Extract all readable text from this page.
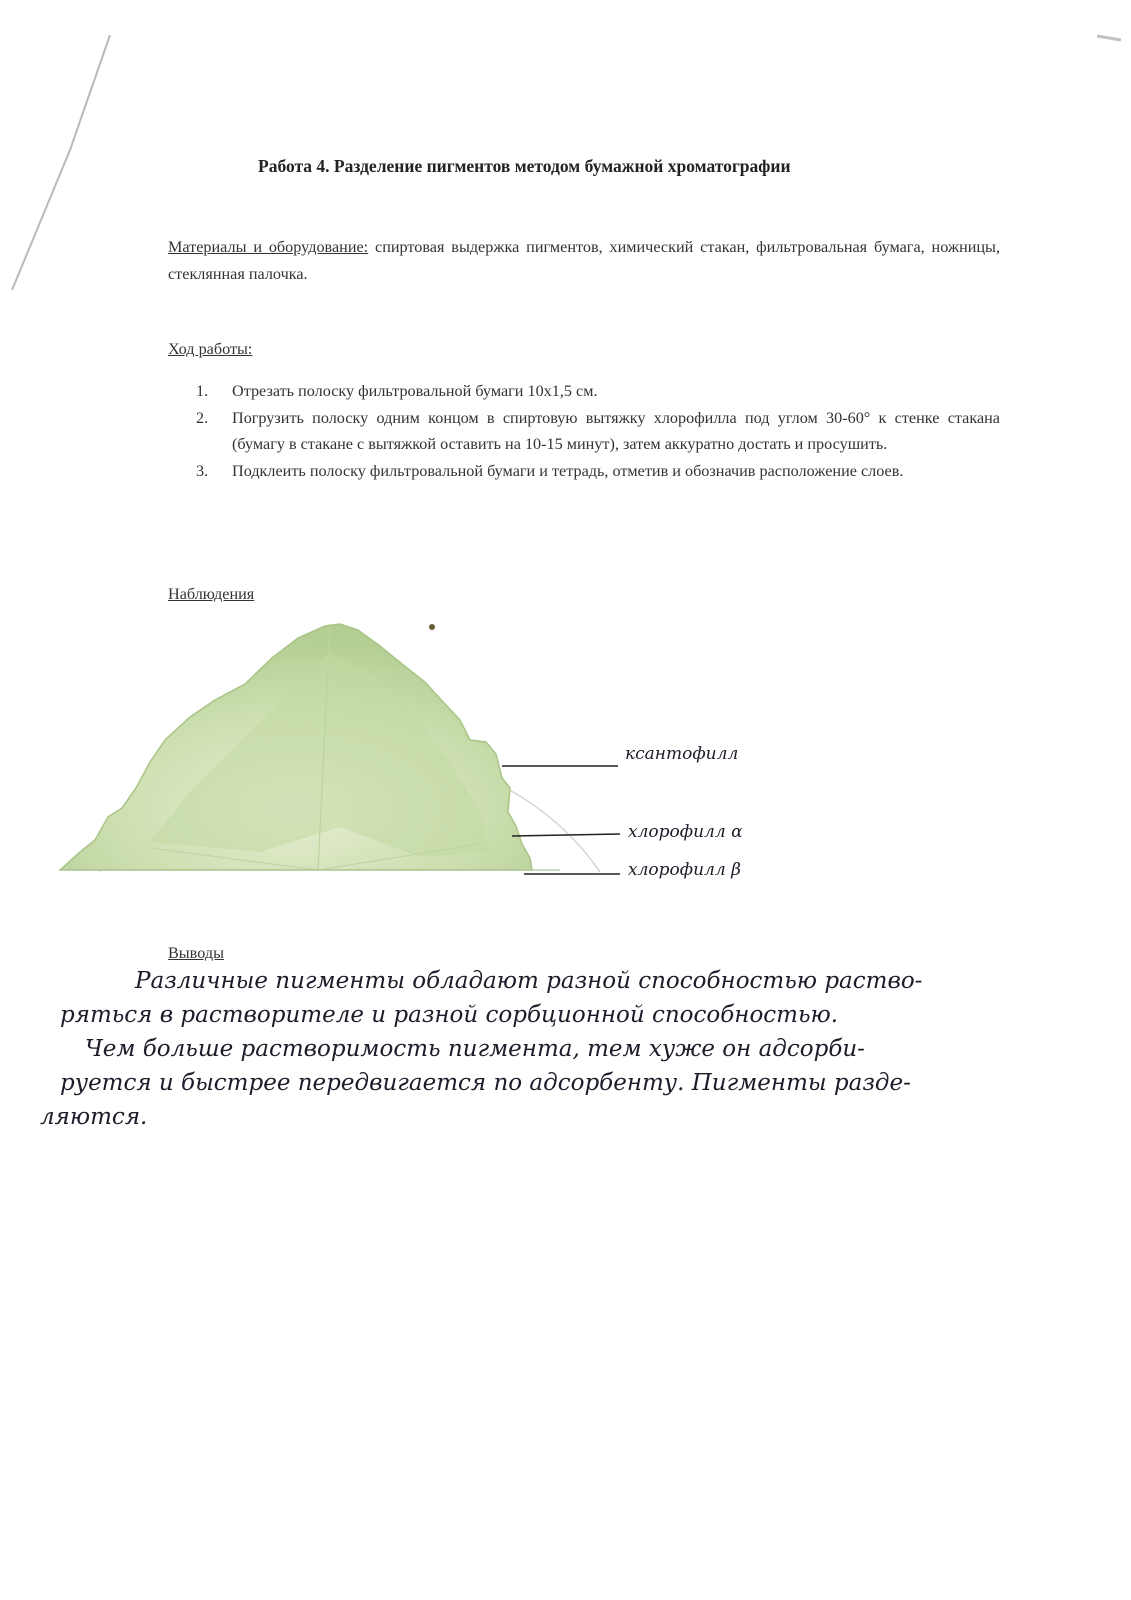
Работа 4. Разделение пигментов методом бумажной хроматографии
Материалы и оборудование: спиртовая выдержка пигментов, химический стакан, фильтровальная бумага, ножницы, стеклянная палочка.
Ход работы:
1.	Отрезать полоску фильтровальной бумаги 10х1,5 см.
2.	Погрузить полоску одним концом в спиртовую вытяжку хлорофилла под углом 30-60° к стенке стакана (бумагу в стакане с вытяжкой оставить на 10-15 минут), затем аккуратно достать и просушить.
3.	Подклеить полоску фильтровальной бумаги и тетрадь, отметив и обозначив расположение слоев.
Наблюдения
ксантофилл
хлорофилл α
хлорофилл β
Выводы
Различные пигменты обладают разной способностью раство-
ряться в растворителе и разной сорбционной способностью.
Чем больше растворимость пигмента, тем хуже он адсорби-
руется и быстрее передвигается по адсорбенту. Пигменты разде-
ляются.
